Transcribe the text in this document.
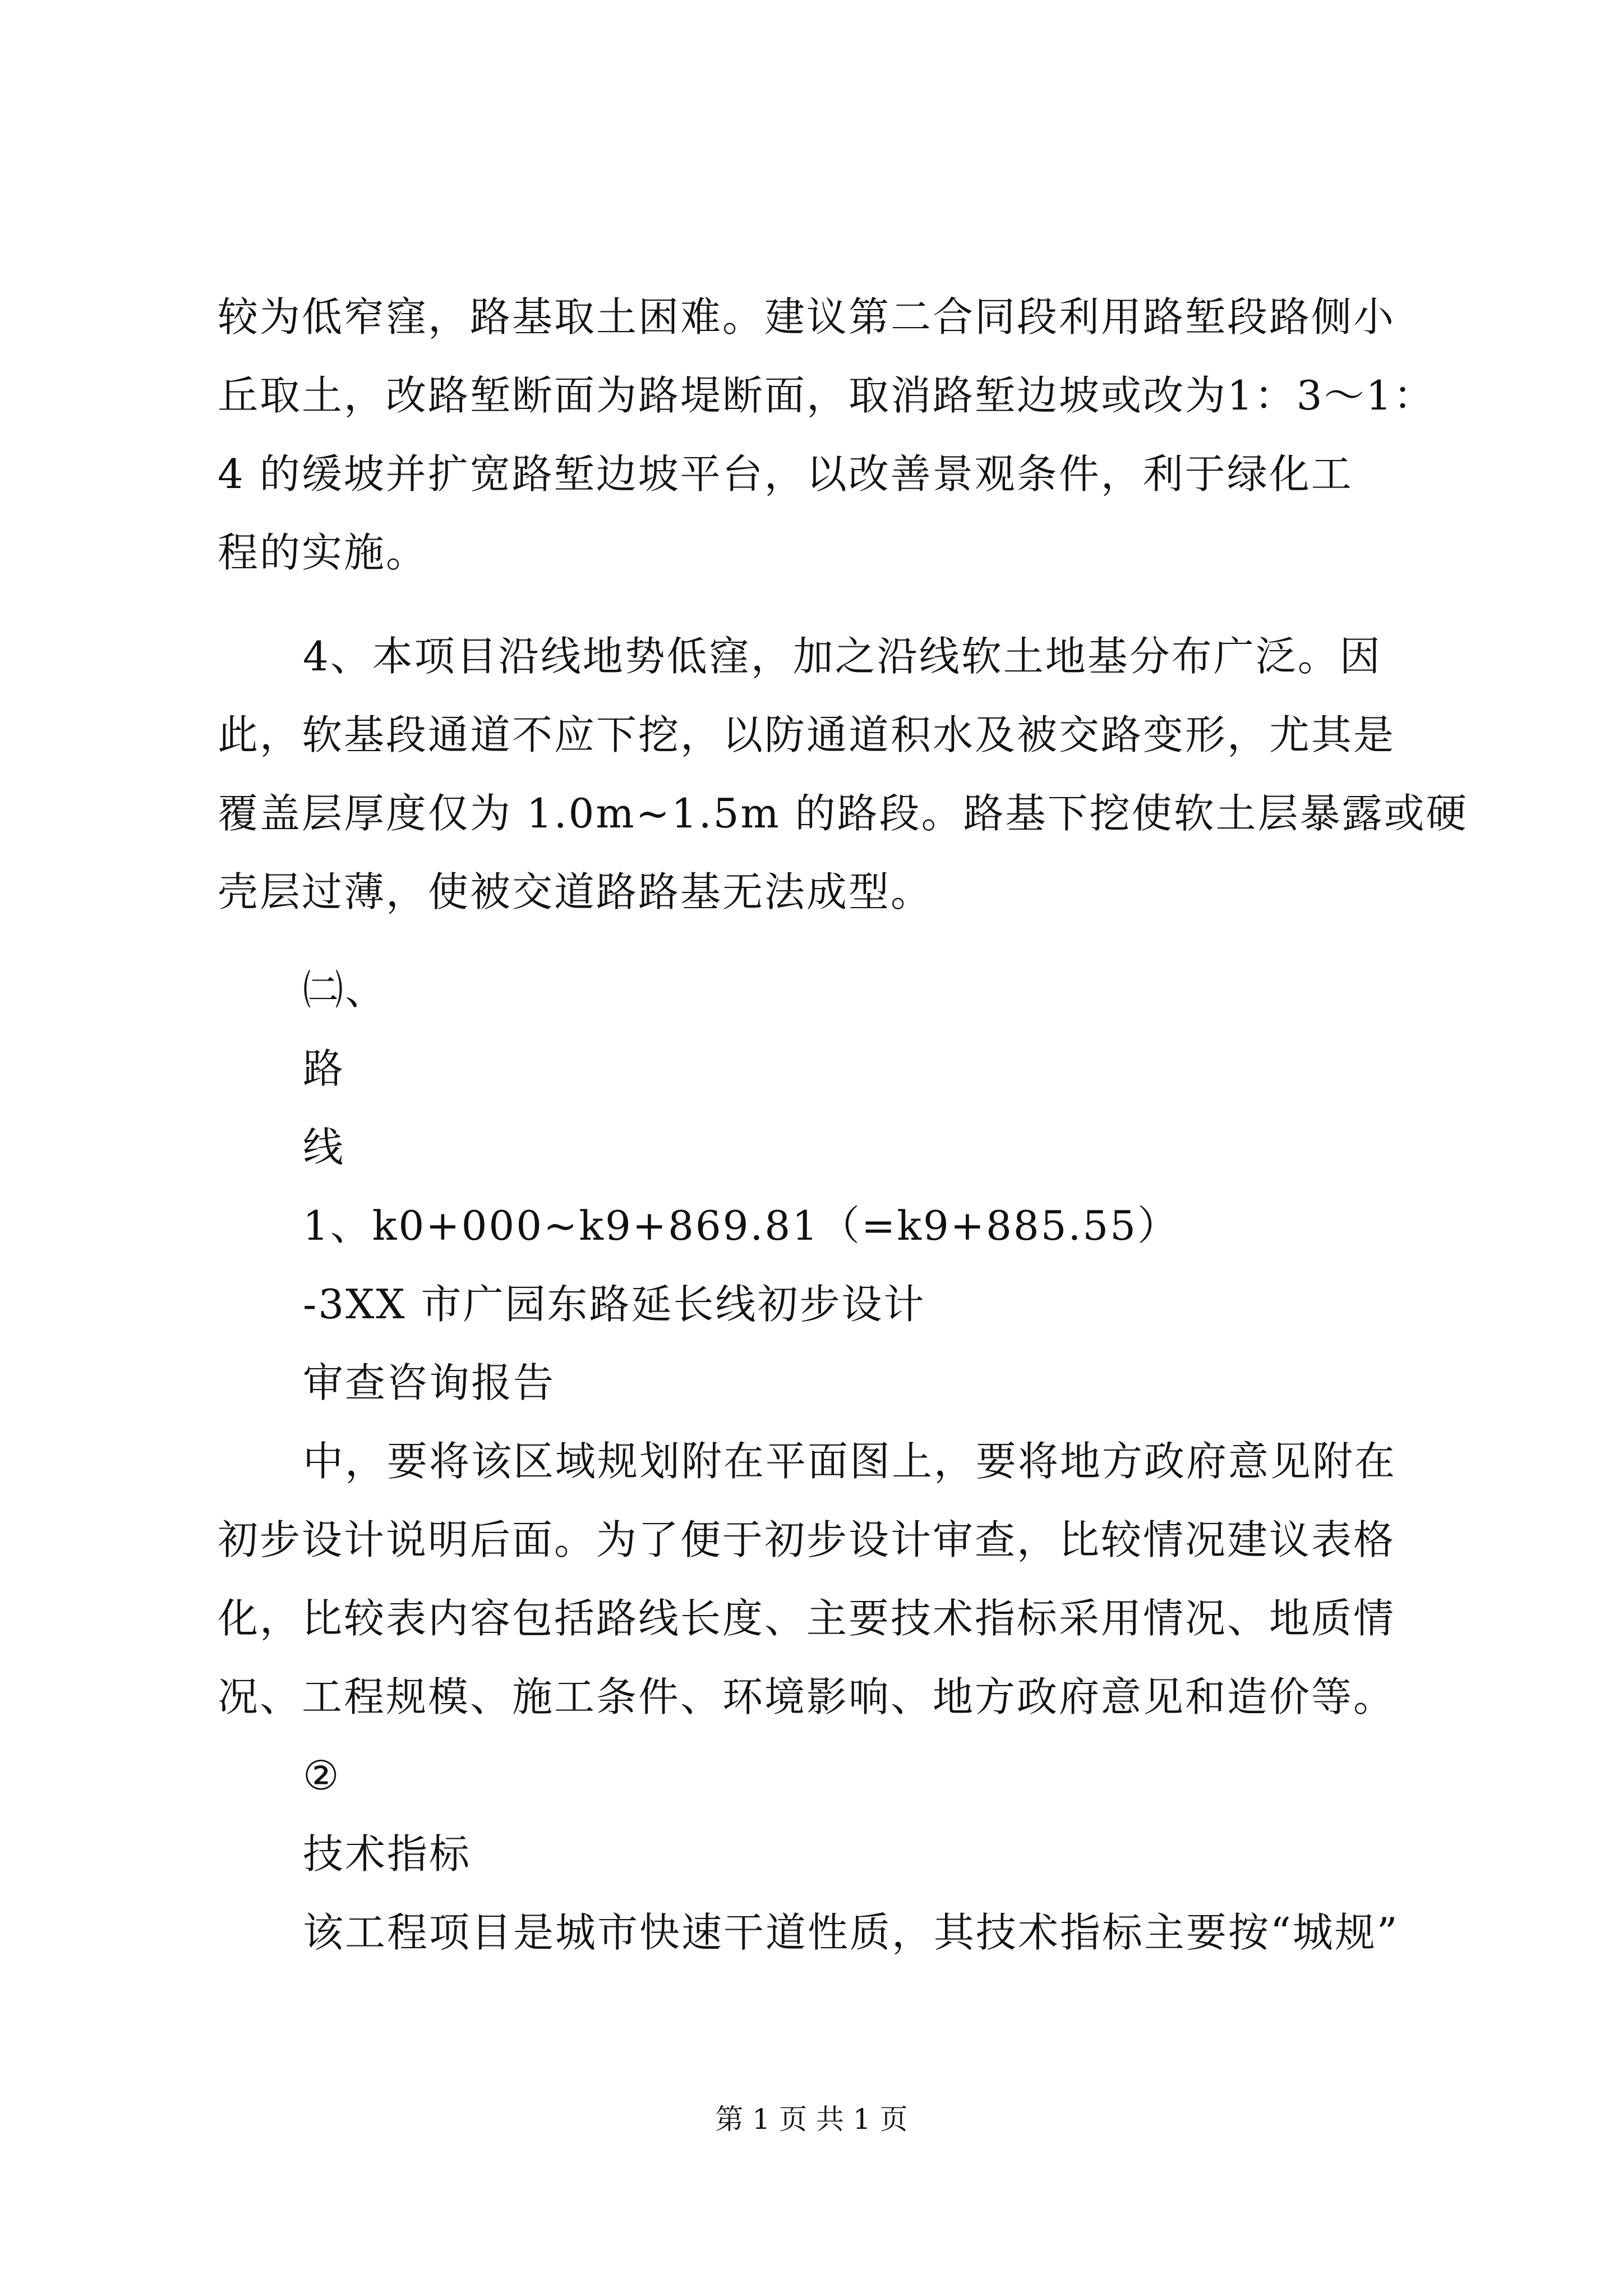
较为低窄窪，路基取土困难。建议第二合同段利用路堑段路侧小
丘取土，改路堑断面为路堤断面，取消路堑边坡或改为1：3～1：
4 的缓坡并扩宽路堑边坡平台，以改善景观条件，利于绿化工
程的实施。
4、本项目沿线地势低窪，加之沿线软土地基分布广泛。因
此，软基段通道不应下挖，以防通道积水及被交路变形，尤其是
覆盖层厚度仅为 1.0m~1.5m 的路段。路基下挖使软土层暴露或硬
壳层过薄，使被交道路路基无法成型。
㈡、
路
线
1、k0+000~k9+869.81（=k9+885.55）
-3XX 市广园东路延长线初步设计
审查咨询报告
中，要将该区域规划附在平面图上，要将地方政府意见附在
初步设计说明后面。为了便于初步设计审查，比较情况建议表格
化，比较表内容包括路线长度、主要技术指标采用情况、地质情
况、工程规模、施工条件、环境影响、地方政府意见和造价等。
②
技术指标
该工程项目是城市快速干道性质，其技术指标主要按“城规”
第 1 页 共 1 页
